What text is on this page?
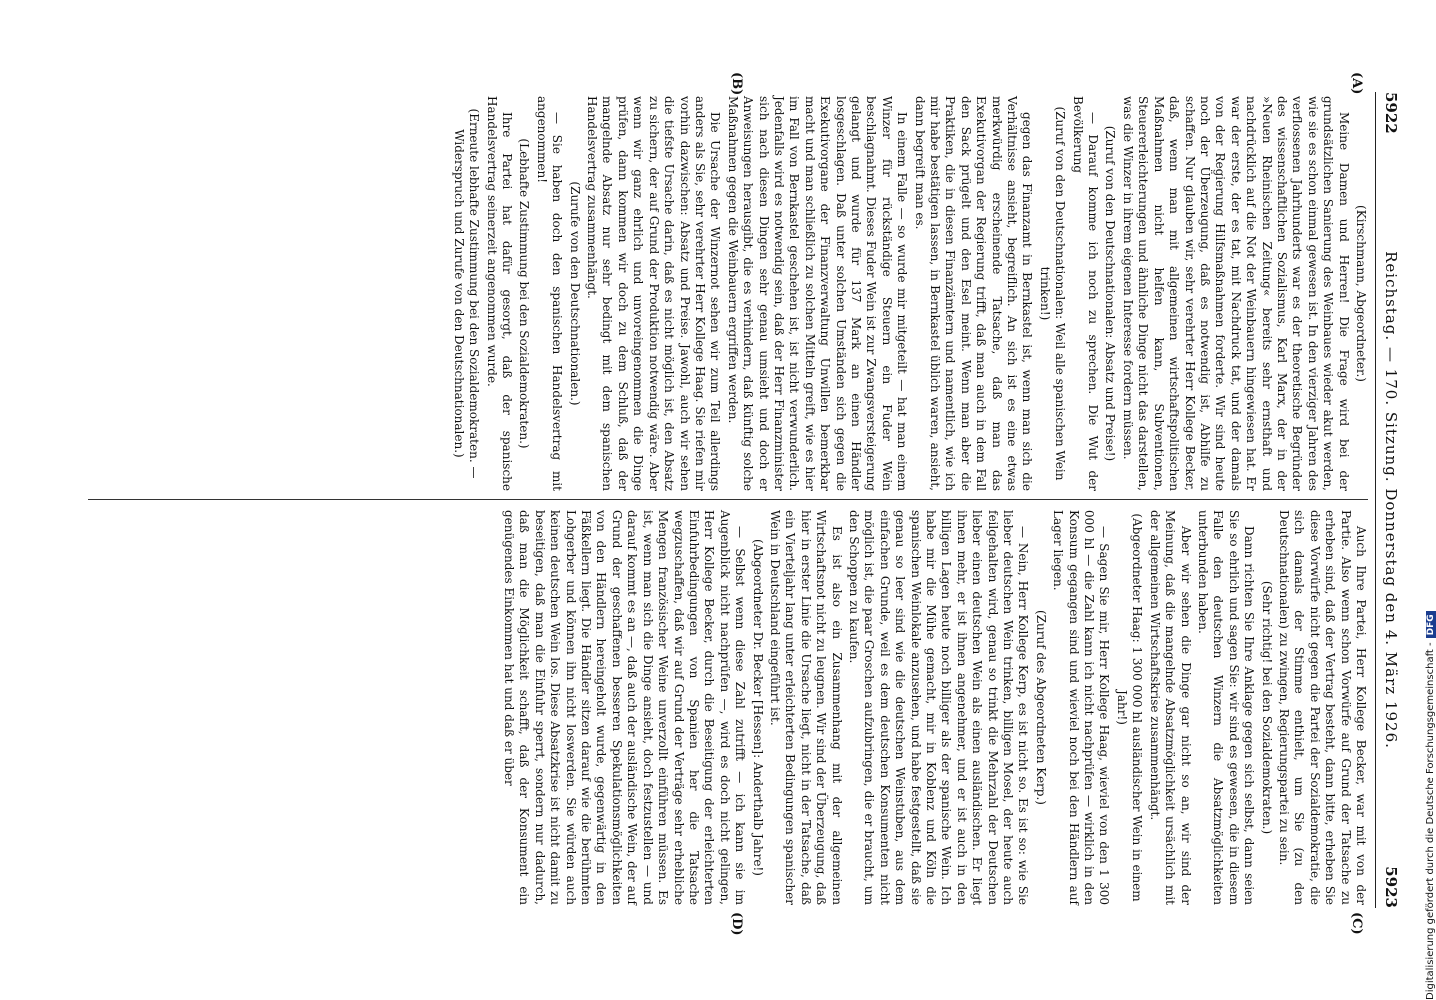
5922
Reichstag. — 170. Sitzung. Donnerstag den 4. März 1926.
5923
(A)
(B)
(C)
(D)

(Kirschmann, Abgeordneter.)

Meine Damen und Herren! Die Frage wird bei der grundsätzlichen Sanierung des Weinbaues wieder akut werden, wie sie es schon einmal gewesen ist. In den vierziger Jahren des verflossenen Jahrhunderts war es der theoretische Begründer des wissenschaftlichen Sozialismus, Karl Marx, der in der »Neuen Rheinischen Zeitung« bereits sehr ernsthaft und nachdrücklich auf die Not der Weinbauern hingewiesen hat. Er war der erste, der es tat, mit Nachdruck tat, und der damals von der Regierung Hilfsmaßnahmen forderte. Wir sind heute noch der Überzeugung, daß es notwendig ist, Abhilfe zu schaffen. Nur glauben wir, sehr verehrter Herr Kollege Becker, daß, wenn man mit allgemeinen wirtschaftspolitischen Maßnahmen nicht helfen kann, Subventionen, Steuererleichterungen und ähnliche Dinge nicht das darstellen, was die Winzer in ihrem eigenen Interesse fordern müssen.

(Zuruf von den Deutschnationalen: Absatz und Preise!)

— Darauf komme ich noch zu sprechen. Die Wut der Bevölkerung

(Zuruf von den Deutschnationalen: Weil alle spanischen Wein trinken!)

gegen das Finanzamt in Bernkastel ist, wenn man sich die Verhältnisse ansieht, begreiflich. An sich ist es eine etwas merkwürdig erscheinende Tatsache, daß man das Exekutivorgan der Regierung trifft, daß man auch in dem Fall den Sack prügelt und den Esel meint. Wenn man aber die Praktiken, die in diesen Finanzämtern und namentlich, wie ich mir habe bestätigen lassen, in Bernkastel üblich waren, ansieht, dann begreift man es.

In einem Falle — so wurde mir mitgeteilt — hat man einem Winzer für rückständige Steuern ein Fuder Wein beschlagnahmt. Dieses Fuder Wein ist zur Zwangsversteigerung gelangt und wurde für 137 Mark an einen Händler losgeschlagen. Daß unter solchen Umständen sich gegen die Exekutivorgane der Finanzverwaltung Unwillen bemerkbar macht und man schließlich zu solchen Mitteln greift, wie es hier im Fall von Bernkastel geschehen ist, ist nicht verwunderlich. Jedenfalls wird es notwendig sein, daß der Herr Finanzminister sich nach diesen Dingen sehr genau umsieht und doch er Anweisungen herausgibt, die es verhindern, daß künftig solche Maßnahmen gegen die Weinbauern ergriffen werden.

Die Ursache der Winzernot sehen wir zum Teil allerdings anders als Sie, sehr verehrter Herr Kollege Haag. Sie riefen mir vorhin dazwischen: Absatz und Preise. Jawohl, auch wir sehen die tiefste Ursache darin, daß es nicht möglich ist, den Absatz zu sichern, der auf Grund der Produktion notwendig wäre. Aber wenn wir ganz ehrlich und unvoreingenommen die Dinge prüfen, dann kommen wir doch zu dem Schluß, daß der mangelnde Absatz nur sehr bedingt mit dem spanischen Handelsvertrag zusammenhängt.

(Zurufe von den Deutschnationalen.)

— Sie haben doch den spanischen Handelsvertrag mit angenommen!

(Lebhafte Zustimmung bei den Sozialdemokraten.)

Ihre Partei hat dafür gesorgt, daß der spanische Handelsvertrag seinerzeit angenommen wurde.

(Erneute lebhafte Zustimmung bei den Sozialdemokraten. — Widerspruch und Zurufe von den Deutschnationalen.)

Auch Ihre Partei, Herr Kollege Becker, war mit von der Partie. Also wenn schon Vorwürfe auf Grund der Tatsache zu erheben sind, daß der Vertrag besteht, dann bitte, erheben Sie diese Vorwürfe nicht gegen die Partei der Sozialdemokratie, die sich damals der Stimme enthielt, um Sie (zu den Deutschnationalen) zu zwingen, Regierungspartei zu sein.

(Sehr richtig! bei den Sozialdemokraten.)

Dann richten Sie Ihre Anklage gegen sich selbst, dann seien Sie so ehrlich und sagen Sie: wir sind es gewesen, die in diesem Falle den deutschen Winzern die Absatzmöglichkeiten unterbunden haben.

Aber wir sehen die Dinge gar nicht so an, wir sind der Meinung, daß die mangelnde Absatzmöglichkeit ursächlich mit der allgemeinen Wirtschaftskrise zusammenhängt.

(Abgeordneter Haag: 1 300 000 hl ausländischer Wein in einem Jahr!)

— Sagen Sie mir, Herr Kollege Haag, wieviel von den 1 300 000 hl — die Zahl kann ich nicht nachprüfen — wirklich in den Konsum gegangen sind und wieviel noch bei den Händlern auf Lager liegen.

(Zuruf des Abgeordneten Kerp.)

— Nein, Herr Kollege Kerp, es ist nicht so. Es ist so: wie Sie lieber deutschen Wein trinken, billigen Mosel, der heute auch feilgehalten wird, genau so trinkt die Mehrzahl der Deutschen lieber einen deutschen Wein als einen ausländischen. Er liegt ihnen mehr, er ist ihnen angenehmer, und er ist auch in den billigen Lagen heute noch billiger als der spanische Wein. Ich habe mir die Mühe gemacht, mir in Koblenz und Köln die spanischen Weinlokale anzusehen, und habe festgestellt, daß sie genau so leer sind wie die deutschen Weinstuben, aus dem einfachen Grunde, weil es dem deutschen Konsumenten nicht möglich ist, die paar Groschen aufzubringen, die er braucht, um den Schoppen zu kaufen.

Es ist also ein Zusammenhang mit der allgemeinen Wirtschaftsnot nicht zu leugnen. Wir sind der Überzeugung, daß hier in erster Linie die Ursache liegt, nicht in der Tatsache, daß ein Vierteljahr lang unter erleichterten Bedingungen spanischer Wein in Deutschland eingeführt ist.

(Abgeordneter Dr. Becker [Hessen]: Anderthalb Jahre!)

— Selbst wenn diese Zahl zutrifft — ich kann sie im Augenblick nicht nachprüfen —, wird es doch nicht gelingen, Herr Kollege Becker, durch die Beseitigung der erleichterten Einfuhrbedingungen von Spanien her die Tatsache wegzuschaffen, daß wir auf Grund der Verträge sehr erhebliche Mengen französischer Weine unverzollt einführen müssen. Es ist, wenn man sich die Dinge ansieht, doch festzustellen — und darauf kommt es an —, daß auch der ausländische Wein, der auf Grund der geschaffenen besseren Spekulationsmöglichkeiten von den Händlern hereingeholt wurde, gegenwärtig in den Fäßkellern liegt. Die Händler sitzen darauf wie die berühmten Lohgerber und können ihn nicht loswerden. Sie würden auch keinen deutschen Wein los. Diese Absatzkrise ist nicht damit zu beseitigen, daß man die Einfuhr sperrt, sondern nur dadurch, daß man die Möglichkeit schafft, daß der Konsument ein genügendes Einkommen hat und daß er über	Digitalisierung gefördert durch die Deutsche Forschungsgemeinschaft -DFG
